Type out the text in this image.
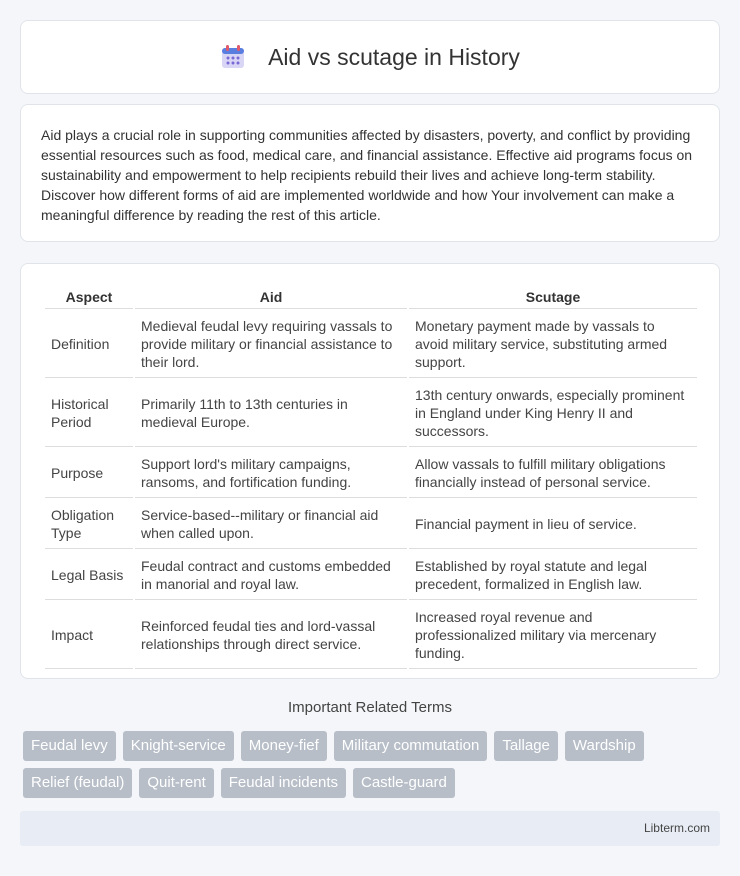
Aid vs scutage in History

Aid plays a crucial role in supporting communities affected by disasters, poverty, and conflict by providing essential resources such as food, medical care, and financial assistance. Effective aid programs focus on sustainability and empowerment to help recipients rebuild their lives and achieve long-term stability. Discover how different forms of aid are implemented worldwide and how Your involvement can make a meaningful difference by reading the rest of this article.

Aspect	Aid	Scutage
Definition	Medieval feudal levy requiring vassals to provide military or financial assistance to their lord.	Monetary payment made by vassals to avoid military service, substituting armed support.
Historical Period	Primarily 11th to 13th centuries in medieval Europe.	13th century onwards, especially prominent in England under King Henry II and successors.
Purpose	Support lord's military campaigns, ransoms, and fortification funding.	Allow vassals to fulfill military obligations financially instead of personal service.
Obligation Type	Service-based--military or financial aid when called upon.	Financial payment in lieu of service.
Legal Basis	Feudal contract and customs embedded in manorial and royal law.	Established by royal statute and legal precedent, formalized in English law.
Impact	Reinforced feudal ties and lord-vassal relationships through direct service.	Increased royal revenue and professionalized military via mercenary funding.
Important Related Terms
Feudal levy	Knight-service	Money-fief	Military commutation	Tallage	Wardship
Relief (feudal)	Quit-rent	Feudal incidents	Castle-guard
Libterm.com
